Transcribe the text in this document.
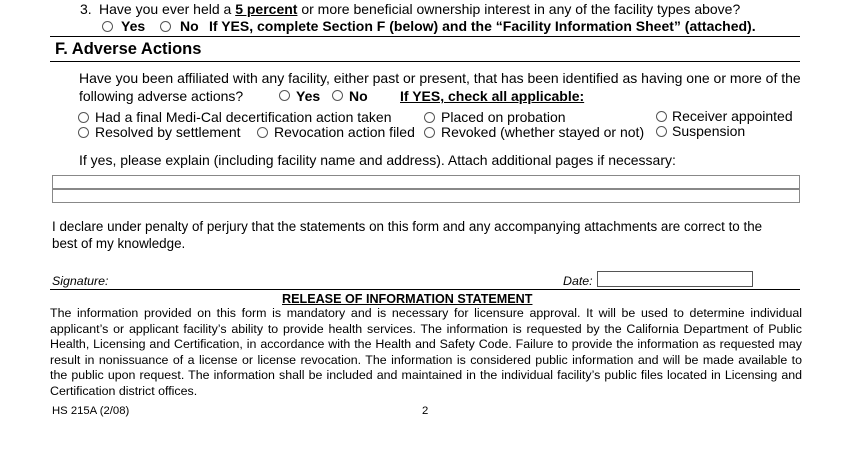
3. Have you ever held a 5 percent or more beneficial ownership interest in any of the facility types above?
Yes No If YES, complete Section F (below) and the “Facility Information Sheet” (attached).
F. Adverse Actions
Have you been affiliated with any facility, either past or present, that has been identified as having one or more of the
following adverse actions?	Yes No If YES, check all applicable:
Had a final Medi-Cal decertification action taken	Placed on probation	Receiver appointed
Resolved by settlement Revocation action filed Revoked (whether stayed or not) Suspension
If yes, please explain (including facility name and address). Attach additional pages if necessary:
I declare under penalty of perjury that the statements on this form and any accompanying attachments are correct to the
best of my knowledge.
Signature:	Date:
RELEASE OF INFORMATION STATEMENT
The information provided on this form is mandatory and is necessary for licensure approval. It will be used to determine individual applicant’s or applicant facility’s ability to provide health services. The information is requested by the California Department of Public Health, Licensing and Certification, in accordance with the Health and Safety Code. Failure to provide the information as requested may result in nonissuance of a license or license revocation. The information is considered public information and will be made available to the public upon request. The information shall be included and maintained in the individual facility’s public files located in Licensing and Certification district offices.
HS 215A (2/08)	2
